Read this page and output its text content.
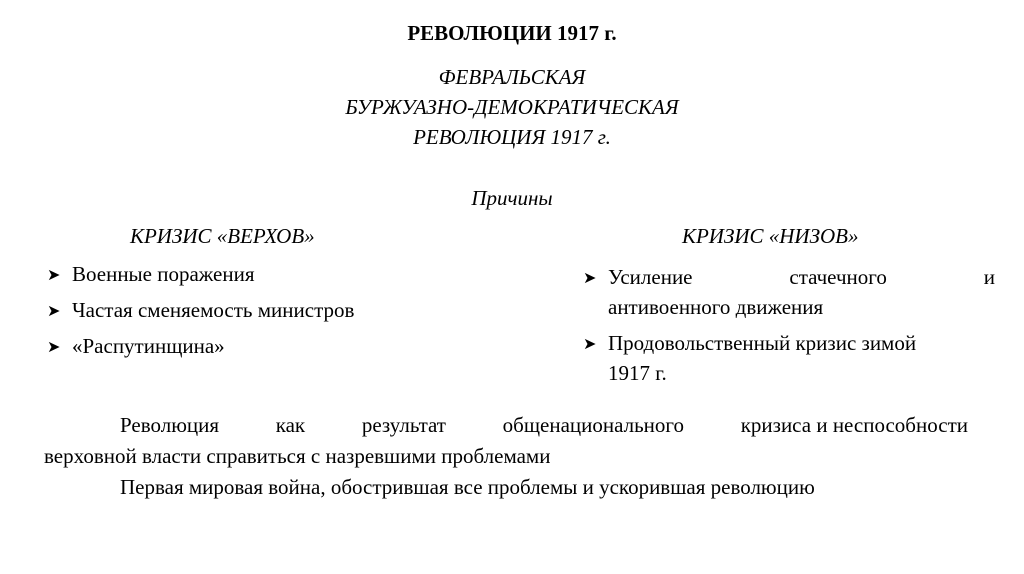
РЕВОЛЮЦИИ 1917 г.
ФЕВРАЛЬСКАЯ
БУРЖУАЗНО-ДЕМОКРАТИЧЕСКАЯ
РЕВОЛЮЦИЯ 1917 г.
Причины
КРИЗИС «ВЕРХОВ»	КРИЗИС «НИЗОВ»
➤ Военные поражения
➤ Частая сменяемость министров
➤ «Распутинщина»
➤ Усиление	стачечного	и
антивоенного движения
➤ Продовольственный кризис зимой
1917 г.
Революция	как	результат	общенационального	кризиса и неспособности
верховной власти справиться с назревшими проблемами
Первая мировая война, обострившая все проблемы и ускорившая революцию
